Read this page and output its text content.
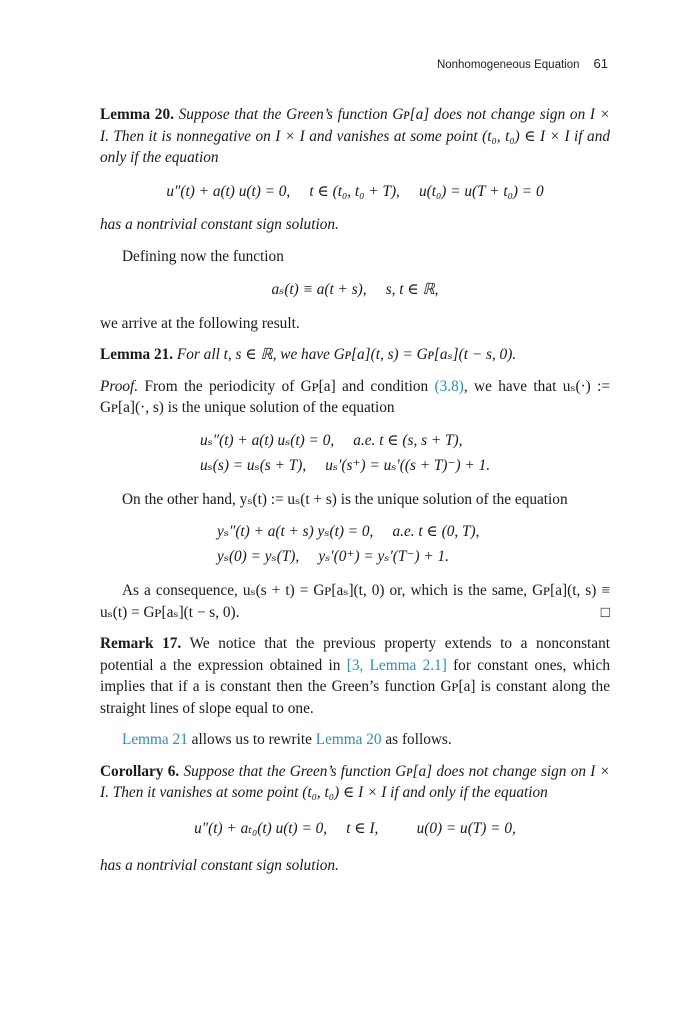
Nonhomogeneous Equation 61

Lemma 20. Suppose that the Green’s function Gᴘ[a] does not change sign on I × I. Then it is nonnegative on I × I and vanishes at some point (t₀, t₀) ∈ I × I if and only if the equation

u″(t) + a(t) u(t) = 0,     t ∈ (t₀, t₀ + T),     u(t₀) = u(T + t₀) = 0

has a nontrivial constant sign solution.

Defining now the function

aₛ(t) ≡ a(t + s),     s, t ∈ ℝ,

we arrive at the following result.

Lemma 21. For all t, s ∈ ℝ, we have Gᴘ[a](t, s) = Gᴘ[aₛ](t − s, 0).

Proof. From the periodicity of Gᴘ[a] and condition (3.8), we have that uₛ(·) := Gᴘ[a](·, s) is the unique solution of the equation

uₛ″(t) + a(t) uₛ(t) = 0,     a.e. t ∈ (s, s + T),
uₛ(s) = uₛ(s + T),     uₛ′(s⁺) = uₛ′((s + T)⁻) + 1.

On the other hand, yₛ(t) := uₛ(t + s) is the unique solution of the equation

yₛ″(t) + a(t + s) yₛ(t) = 0,     a.e. t ∈ (0, T),
yₛ(0) = yₛ(T),     yₛ′(0⁺) = yₛ′(T⁻) + 1.

As a consequence, uₛ(s + t) = Gᴘ[aₛ](t, 0) or, which is the same, Gᴘ[a](t, s) ≡ uₛ(t) = Gᴘ[aₛ](t − s, 0).	□

Remark 17. We notice that the previous property extends to a nonconstant potential a the expression obtained in [3, Lemma 2.1] for constant ones, which implies that if a is constant then the Green’s function Gᴘ[a] is constant along the straight lines of slope equal to one.

Lemma 21 allows us to rewrite Lemma 20 as follows.

Corollary 6. Suppose that the Green’s function Gᴘ[a] does not change sign on I × I. Then it vanishes at some point (t₀, t₀) ∈ I × I if and only if the equation

u″(t) + aₜ₀(t) u(t) = 0,     t ∈ I,          u(0) = u(T) = 0,

has a nontrivial constant sign solution.
